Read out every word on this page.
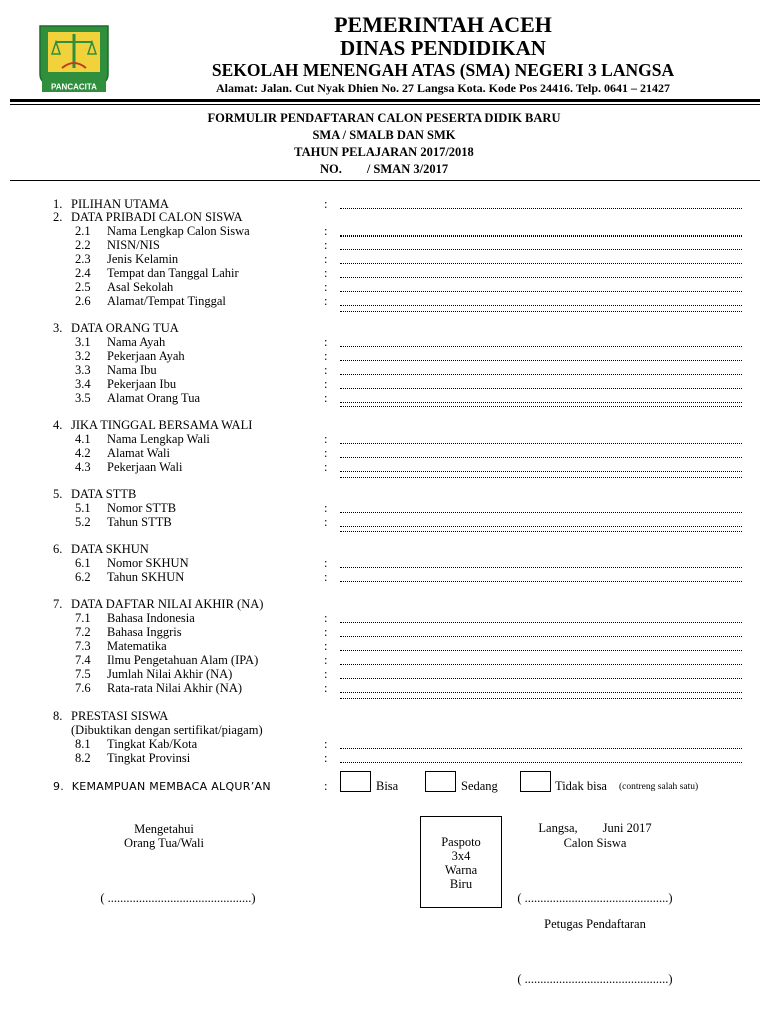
PANCACITA
PEMERINTAH ACEH
DINAS PENDIDIKAN
SEKOLAH MENENGAH ATAS (SMA) NEGERI 3 LANGSA
Alamat: Jalan. Cut Nyak Dhien No. 27 Langsa Kota. Kode Pos 24416. Telp. 0641 – 21427
FORMULIR PENDAFTARAN CALON PESERTA DIDIK BARU
SMA / SMALB DAN SMK
TAHUN PELAJARAN 2017/2018
NO.        / SMAN 3/2017
1. PILIHAN UTAMA	:
2. DATA PRIBADI CALON SISWA
2.1 Nama Lengkap Calon Siswa	:
2.2 NISN/NIS	:
2.3 Jenis Kelamin	:
2.4 Tempat dan Tanggal Lahir	:
2.5 Asal Sekolah	:
2.6 Alamat/Tempat Tinggal	:
3. DATA ORANG TUA
3.1 Nama Ayah	:
3.2 Pekerjaan Ayah	:
3.3 Nama Ibu	:
3.4 Pekerjaan Ibu	:
3.5 Alamat Orang Tua	:
4. JIKA TINGGAL BERSAMA WALI
4.1 Nama Lengkap Wali	:
4.2 Alamat Wali	:
4.3 Pekerjaan Wali	:
5. DATA STTB
5.1 Nomor STTB	:
5.2 Tahun STTB	:
6. DATA SKHUN
6.1 Nomor SKHUN	:
6.2 Tahun SKHUN	:
7. DATA DAFTAR NILAI AKHIR (NA)
7.1 Bahasa Indonesia	:
7.2 Bahasa Inggris	:
7.3 Matematika	:
7.4 Ilmu Pengetahuan Alam (IPA)	:
7.5 Jumlah Nilai Akhir (NA)	:
7.6 Rata-rata Nilai Akhir (NA)	:
8. PRESTASI SISWA
(Dibuktikan dengan sertifikat/piagam)
8.1 Tingkat Kab/Kota	:
8.2 Tingkat Provinsi	:
9. KEMAMPUAN MEMBACA ALQUR’AN	:	Bisa	Sedang	Tidak bisa (contreng salah satu)
Mengetahui
Orang Tua/Wali
( ..............................................)
Paspoto
3x4
Warna
Biru
Langsa,        Juni 2017
Calon Siswa
( ..............................................)
Petugas Pendaftaran
( ..............................................)
